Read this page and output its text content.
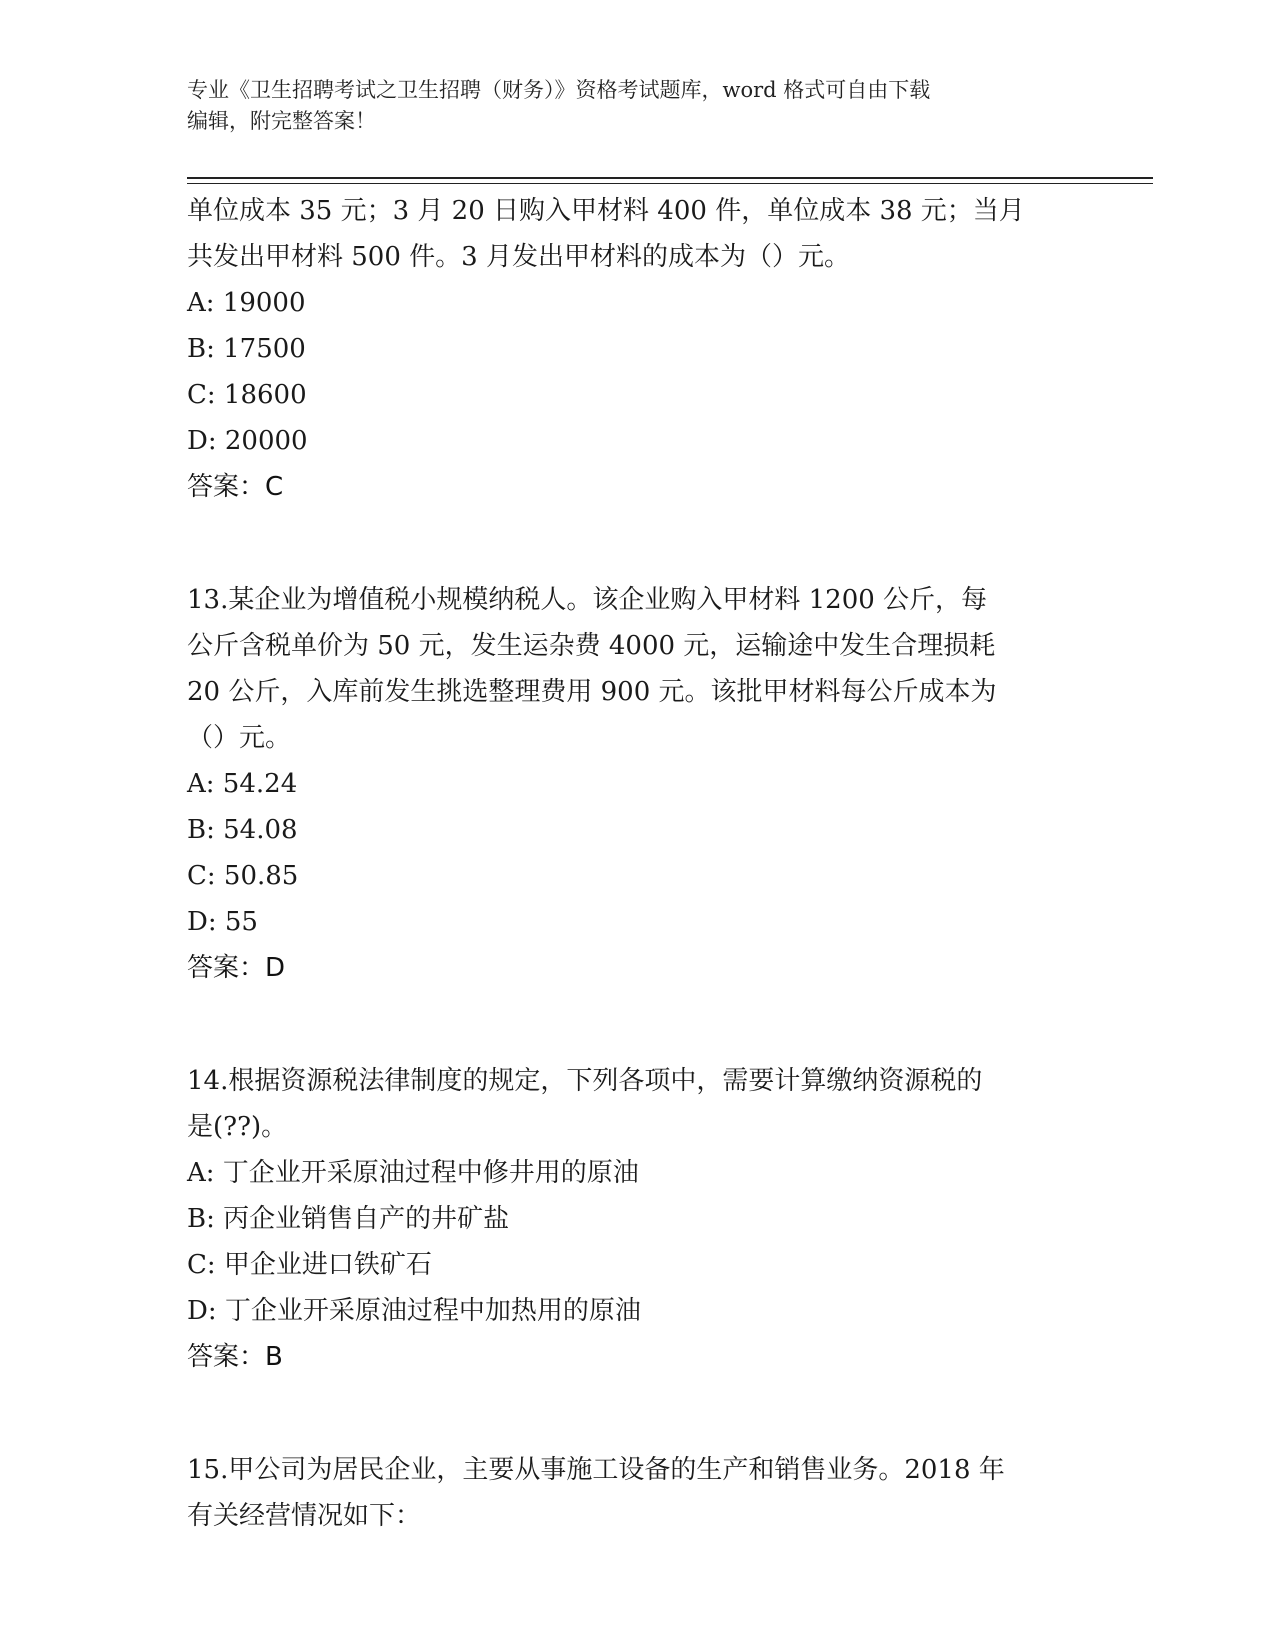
专业《卫生招聘考试之卫生招聘（财务）》资格考试题库，word 格式可自由下载

编辑，附完整答案！

单位成本 35 元；3 月 20 日购入甲材料 400 件，单位成本 38 元；当月
共发出甲材料 500 件。3 月发出甲材料的成本为（）元。
A: 19000
B: 17500
C: 18600
D: 20000
答案：C
13.某企业为增值税小规模纳税人。该企业购入甲材料 1200 公斤，每
公斤含税单价为 50 元，发生运杂费 4000 元，运输途中发生合理损耗
20 公斤，入库前发生挑选整理费用 900 元。该批甲材料每公斤成本为
（）元。
A: 54.24
B: 54.08
C: 50.85
D: 55
答案：D
14.根据资源税法律制度的规定，下列各项中，需要计算缴纳资源税的
是(??)。
A: 丁企业开采原油过程中修井用的原油
B: 丙企业销售自产的井矿盐
C: 甲企业进口铁矿石
D: 丁企业开采原油过程中加热用的原油
答案：B
15.甲公司为居民企业，主要从事施工设备的生产和销售业务。2018 年
有关经营情况如下：
